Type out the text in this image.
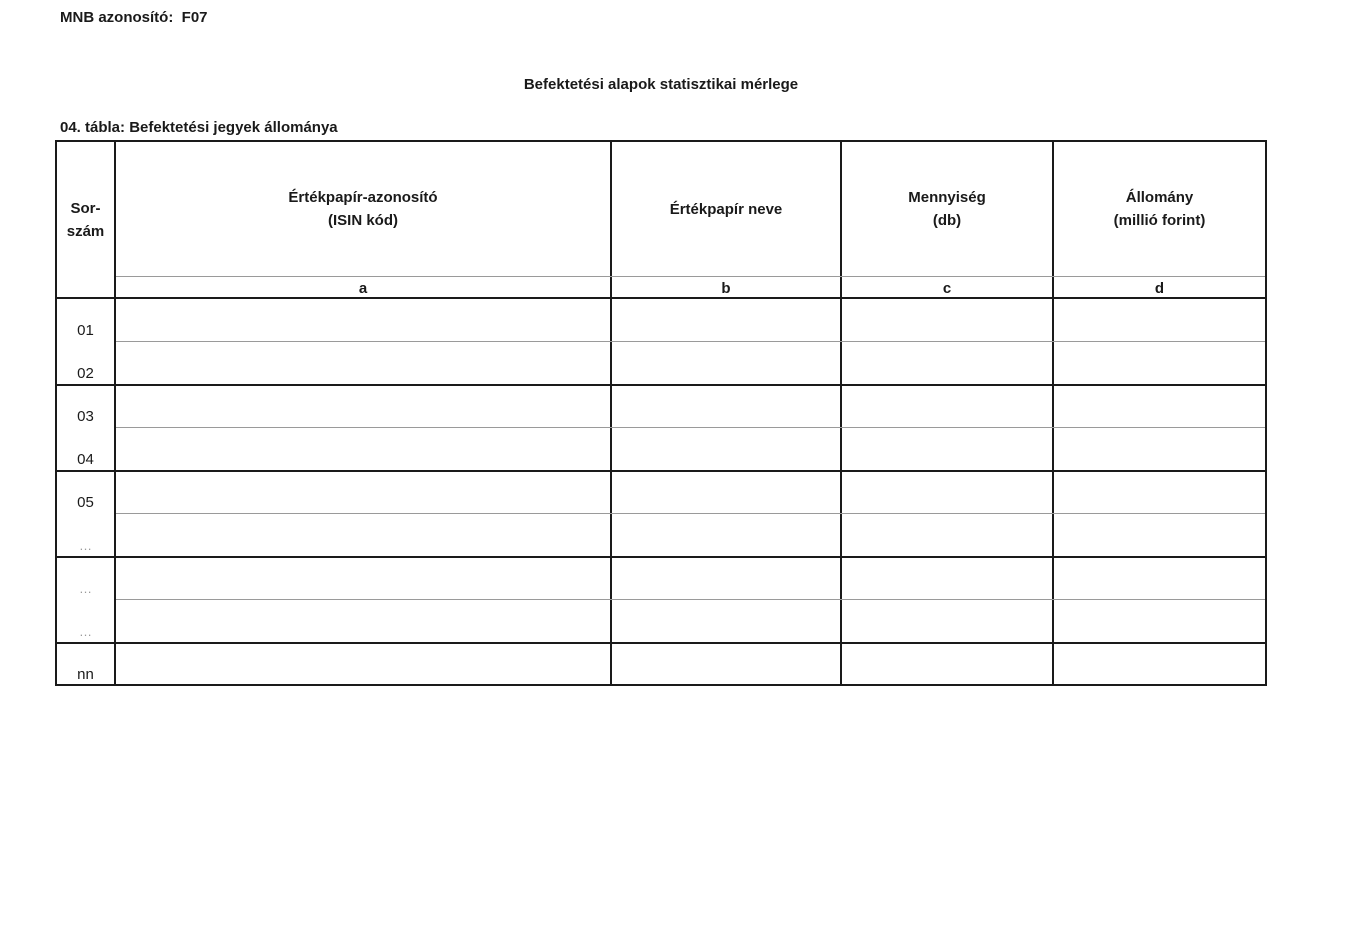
MNB azonosító: F07
Befektetési alapok statisztikai mérlege
04. tábla: Befektetési jegyek állománya
Sor-
szám
Értékpapír-azonosító
(ISIN kód)
a
Értékpapír neve
b
Mennyiség
(db)
c
Állomány
(millió forint)
d
01
02
03
04
05
…
…
…
nn
